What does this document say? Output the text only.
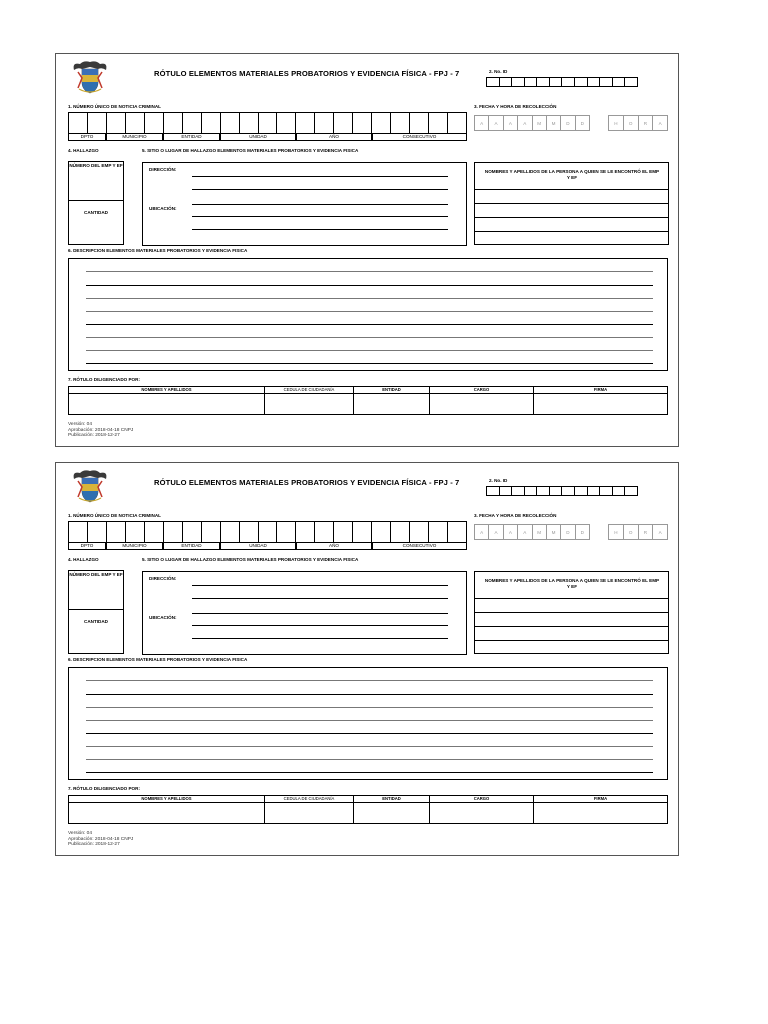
RÓTULO ELEMENTOS MATERIALES PROBATORIOS Y EVIDENCIA FÍSICA - FPJ - 7	2. No. ID
1. NÚMERO ÚNICO DE NOTICIA CRIMINAL
DPTO	MUNICIPIO	ENTIDAD	UNIDAD	AÑO	CONSECUTIVO
3. FECHA Y HORA DE RECOLECCIÓN
A	A	A	A	M	M	D	D	H	O	R	A
4. HALLAZGO	5. SITIO O LUGAR DE HALLAZGO ELEMENTOS MATERIALES PROBATORIOS Y EVIDENCIA FISICA
NÚMERO DEL EMP Y EF
CANTIDAD
DIRECCIÓN:
UBICACIÓN:
NOMBRES Y APELLIDOS DE LA PERSONA A QUIEN SE LE ENCONTRÓ EL EMP Y EF
6. DESCRIPCION ELEMENTOS MATERIALES PROBATORIOS Y EVIDENCIA FISICA
7. RÓTULO DILIGENCIADO POR:
NOMBRES Y APELLIDOS	CEDULA DE CIUDADANÍA	ENTIDAD	CARGO	FIRMA
Versión: 04
Aprobación: 2018-04-18 CNPJ
Publicación: 2018-12-27
RÓTULO ELEMENTOS MATERIALES PROBATORIOS Y EVIDENCIA FÍSICA - FPJ - 7	2. No. ID
1. NÚMERO ÚNICO DE NOTICIA CRIMINAL
DPTO	MUNICIPIO	ENTIDAD	UNIDAD	AÑO	CONSECUTIVO
3. FECHA Y HORA DE RECOLECCIÓN
A	A	A	A	M	M	D	D	H	O	R	A
4. HALLAZGO	5. SITIO O LUGAR DE HALLAZGO ELEMENTOS MATERIALES PROBATORIOS Y EVIDENCIA FISICA
NÚMERO DEL EMP Y EF
CANTIDAD
DIRECCIÓN:
UBICACIÓN:
NOMBRES Y APELLIDOS DE LA PERSONA A QUIEN SE LE ENCONTRÓ EL EMP Y EF
6. DESCRIPCION ELEMENTOS MATERIALES PROBATORIOS Y EVIDENCIA FISICA
7. RÓTULO DILIGENCIADO POR:
NOMBRES Y APELLIDOS	CEDULA DE CIUDADANÍA	ENTIDAD	CARGO	FIRMA
Versión: 04
Aprobación: 2018-04-18 CNPJ
Publicación: 2018-12-27
